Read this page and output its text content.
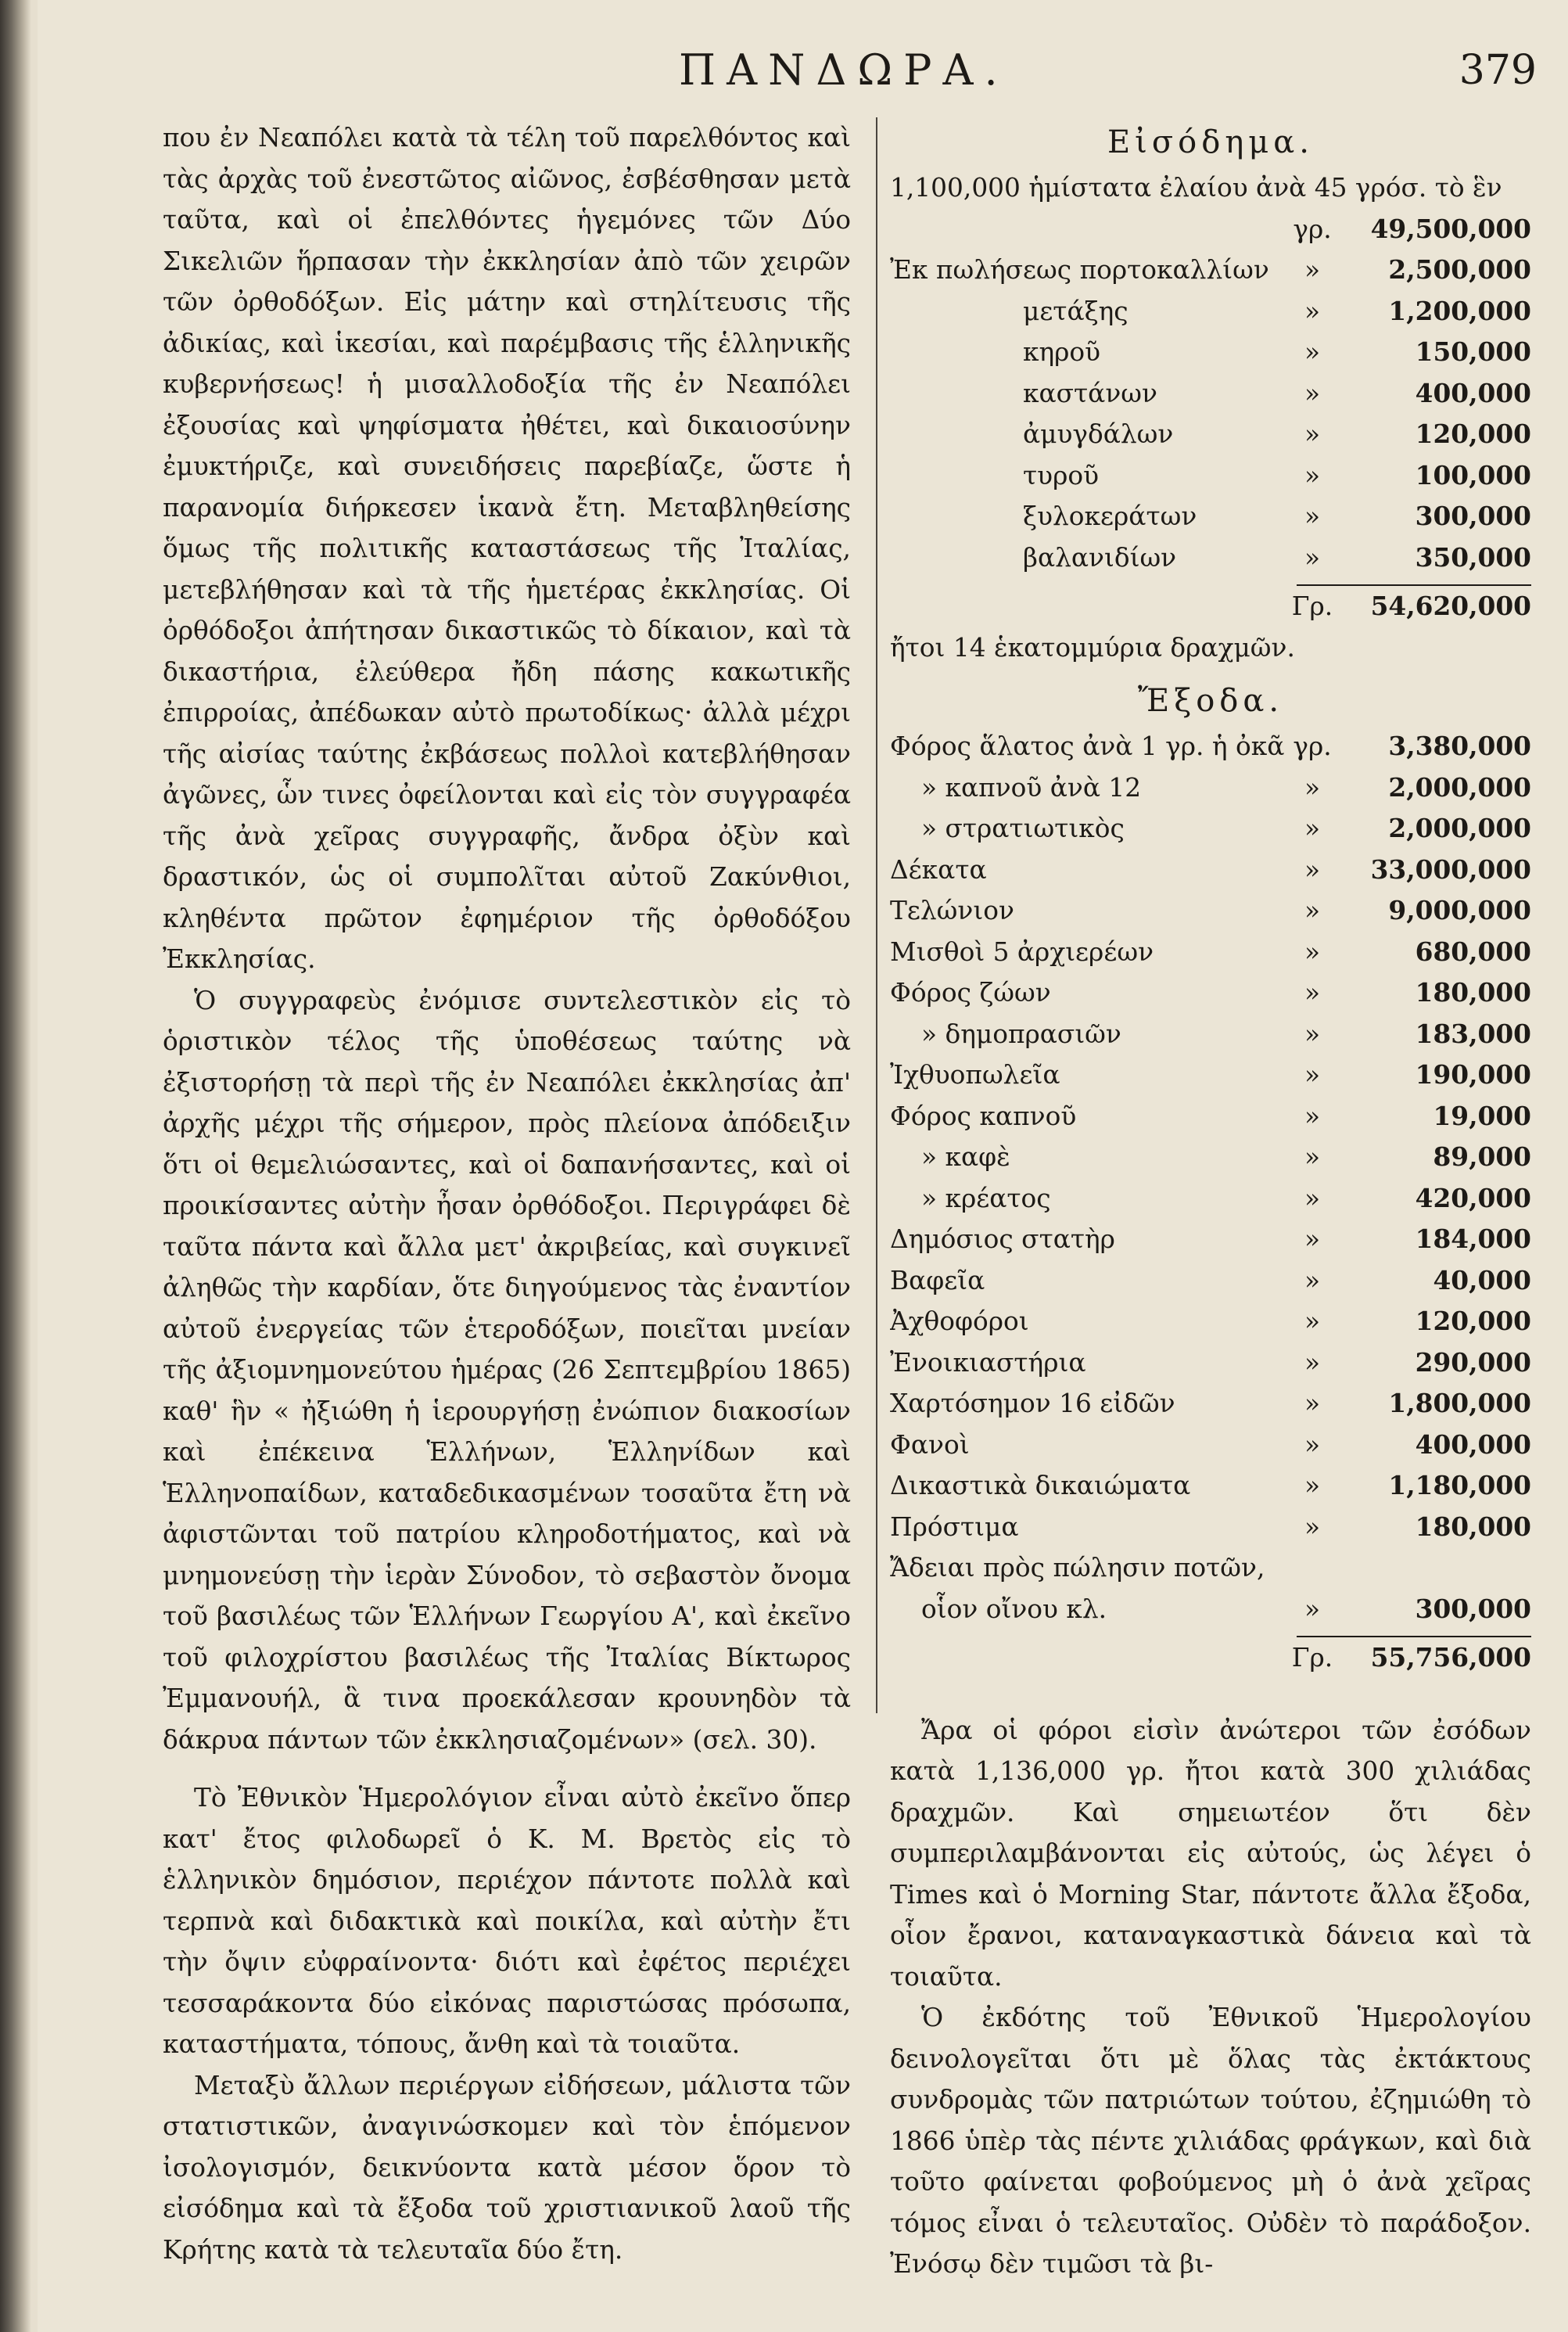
ΠΑΝΔΩΡΑ.	379

που ἐν Νεαπόλει κατὰ τὰ τέλη τοῦ παρελθόντος καὶ τὰς ἀρχὰς τοῦ ἐνεστῶτος αἰῶνος, ἐσβέσθησαν μετὰ ταῦτα, καὶ οἱ ἐπελθόντες ἡγεμόνες τῶν Δύο Σικελιῶν ἥρπασαν τὴν ἐκκλησίαν ἀπὸ τῶν χειρῶν τῶν ὀρθοδόξων. Εἰς μάτην καὶ στηλίτευσις τῆς ἀδικίας, καὶ ἱκεσίαι, καὶ παρέμβασις τῆς ἑλληνικῆς κυβερνήσεως! ἡ μισαλλοδοξία τῆς ἐν Νεαπόλει ἐξουσίας καὶ ψηφίσματα ἠθέτει, καὶ δικαιοσύνην ἐμυκτήριζε, καὶ συνειδήσεις παρεβίαζε, ὥστε ἡ παρανομία διήρκεσεν ἱκανὰ ἔτη. Μεταβληθείσης ὅμως τῆς πολιτικῆς καταστάσεως τῆς Ἰταλίας, μετεβλήθησαν καὶ τὰ τῆς ἡμετέρας ἐκκλησίας. Οἱ ὀρθόδοξοι ἀπήτησαν δικαστικῶς τὸ δίκαιον, καὶ τὰ δικαστήρια, ἐλεύθερα ἤδη πάσης κακωτικῆς ἐπιρροίας, ἀπέδωκαν αὐτὸ πρωτοδίκως· ἀλλὰ μέχρι τῆς αἰσίας ταύτης ἐκβάσεως πολλοὶ κατεβλήθησαν ἀγῶνες, ὧν τινες ὀφείλονται καὶ εἰς τὸν συγγραφέα τῆς ἀνὰ χεῖρας συγγραφῆς, ἄνδρα ὀξὺν καὶ δραστικόν, ὡς οἱ συμπολῖται αὐτοῦ Ζακύνθιοι, κληθέντα πρῶτον ἐφημέριον τῆς ὀρθοδόξου Ἐκκλησίας.

Ὁ συγγραφεὺς ἐνόμισε συντελεστικὸν εἰς τὸ ὁριστικὸν τέλος τῆς ὑποθέσεως ταύτης νὰ ἐξιστορήσῃ τὰ περὶ τῆς ἐν Νεαπόλει ἐκκλησίας ἀπ' ἀρχῆς μέχρι τῆς σήμερον, πρὸς πλείονα ἀπόδειξιν ὅτι οἱ θεμελιώσαντες, καὶ οἱ δαπανήσαντες, καὶ οἱ προικίσαντες αὐτὴν ἦσαν ὀρθόδοξοι. Περιγράφει δὲ ταῦτα πάντα καὶ ἄλλα μετ' ἀκριβείας, καὶ συγκινεῖ ἀληθῶς τὴν καρδίαν, ὅτε διηγούμενος τὰς ἐναντίον αὐτοῦ ἐνεργείας τῶν ἑτεροδόξων, ποιεῖται μνείαν τῆς ἀξιομνημονεύτου ἡμέρας (26 Σεπτεμβρίου 1865) καθ' ἣν « ἠξιώθη ἡ ἱερουργήσῃ ἐνώπιον διακοσίων καὶ ἐπέκεινα Ἑλλήνων, Ἑλληνίδων καὶ Ἑλληνοπαίδων, καταδεδικασμένων τοσαῦτα ἔτη νὰ ἀφιστῶνται τοῦ πατρίου κληροδοτήματος, καὶ νὰ μνημονεύσῃ τὴν ἱερὰν Σύνοδον, τὸ σεβαστὸν ὄνομα τοῦ βασιλέως τῶν Ἑλλήνων Γεωργίου Α', καὶ ἐκεῖνο τοῦ φιλοχρίστου βασιλέως τῆς Ἰταλίας Βίκτωρος Ἐμμανουήλ, ἃ τινα προεκάλεσαν κρουνηδὸν τὰ δάκρυα πάντων τῶν ἐκκλησιαζομένων» (σελ. 30).

Τὸ Ἐθνικὸν Ἡμερολόγιον εἶναι αὐτὸ ἐκεῖνο ὅπερ κατ' ἔτος φιλοδωρεῖ ὁ Κ. Μ. Βρετὸς εἰς τὸ ἑλληνικὸν δημόσιον, περιέχον πάντοτε πολλὰ καὶ τερπνὰ καὶ διδακτικὰ καὶ ποικίλα, καὶ αὐτὴν ἔτι τὴν ὄψιν εὐφραίνοντα· διότι καὶ ἐφέτος περιέχει τεσσαράκοντα δύο εἰκόνας παριστώσας πρόσωπα, καταστήματα, τόπους, ἄνθη καὶ τὰ τοιαῦτα.

Μεταξὺ ἄλλων περιέργων εἰδήσεων, μάλιστα τῶν στατιστικῶν, ἀναγινώσκομεν καὶ τὸν ἑπόμενον ἰσολογισμόν, δεικνύοντα κατὰ μέσον ὅρον τὸ εἰσόδημα καὶ τὰ ἔξοδα τοῦ χριστιανικοῦ λαοῦ τῆς Κρήτης κατὰ τὰ τελευταῖα δύο ἔτη.

Εἰσόδημα.
1,100,000 ἡμίστατα ἐλαίου ἀνὰ 45 γρόσ. τὸ ἓν
γρ.	49,500,000
Ἐκ πωλήσεως πορτοκαλλίων	»	2,500,000
μετάξης	»	1,200,000
κηροῦ	»	150,000
καστάνων	»	400,000
ἀμυγδάλων	»	120,000
τυροῦ	»	100,000
ξυλοκεράτων	»	300,000
βαλανιδίων	»	350,000
Γρ.	54,620,000
ἤτοι 14 ἑκατομμύρια δραχμῶν.
Ἔξοδα.
Φόρος ἅλατος ἀνὰ 1 γρ. ἡ ὀκᾶ γρ.	3,380,000
» καπνοῦ ἀνὰ 12	»	2,000,000
» στρατιωτικὸς	»	2,000,000
Δέκατα	»	33,000,000
Τελώνιον	»	9,000,000
Μισθοὶ 5 ἀρχιερέων	»	680,000
Φόρος ζώων	»	180,000
» δημοπρασιῶν	»	183,000
Ἰχθυοπωλεῖα	»	190,000
Φόρος καπνοῦ	»	19,000
» καφὲ	»	89,000
» κρέατος	»	420,000
Δημόσιος στατὴρ	»	184,000
Βαφεῖα	»	40,000
Ἀχθοφόροι	»	120,000
Ἐνοικιαστήρια	»	290,000
Χαρτόσημον 16 εἰδῶν	»	1,800,000
Φανοὶ	»	400,000
Δικαστικὰ δικαιώματα	»	1,180,000
Πρόστιμα	»	180,000
Ἄδειαι πρὸς πώλησιν ποτῶν,
οἷον οἴνου κλ.	»	300,000
Γρ.	55,756,000

Ἄρα οἱ φόροι εἰσὶν ἀνώτεροι τῶν ἐσόδων κατὰ 1,136,000 γρ. ἤτοι κατὰ 300 χιλιάδας δραχμῶν. Καὶ σημειωτέον ὅτι δὲν συμπεριλαμβάνονται εἰς αὐτούς, ὡς λέγει ὁ Times καὶ ὁ Morning Star, πάντοτε ἄλλα ἔξοδα, οἷον ἔρανοι, καταναγκαστικὰ δάνεια καὶ τὰ τοιαῦτα.

Ὁ ἐκδότης τοῦ Ἐθνικοῦ Ἡμερολογίου δεινολογεῖται ὅτι μὲ ὅλας τὰς ἐκτάκτους συνδρομὰς τῶν πατριώτων τούτου, ἐζημιώθη τὸ 1866 ὑπὲρ τὰς πέντε χιλιάδας φράγκων, καὶ διὰ τοῦτο φαίνεται φοβούμενος μὴ ὁ ἀνὰ χεῖρας τόμος εἶναι ὁ τελευταῖος. Οὐδὲν τὸ παράδοξον. Ἐνόσῳ δὲν τιμῶσι τὰ βι-
